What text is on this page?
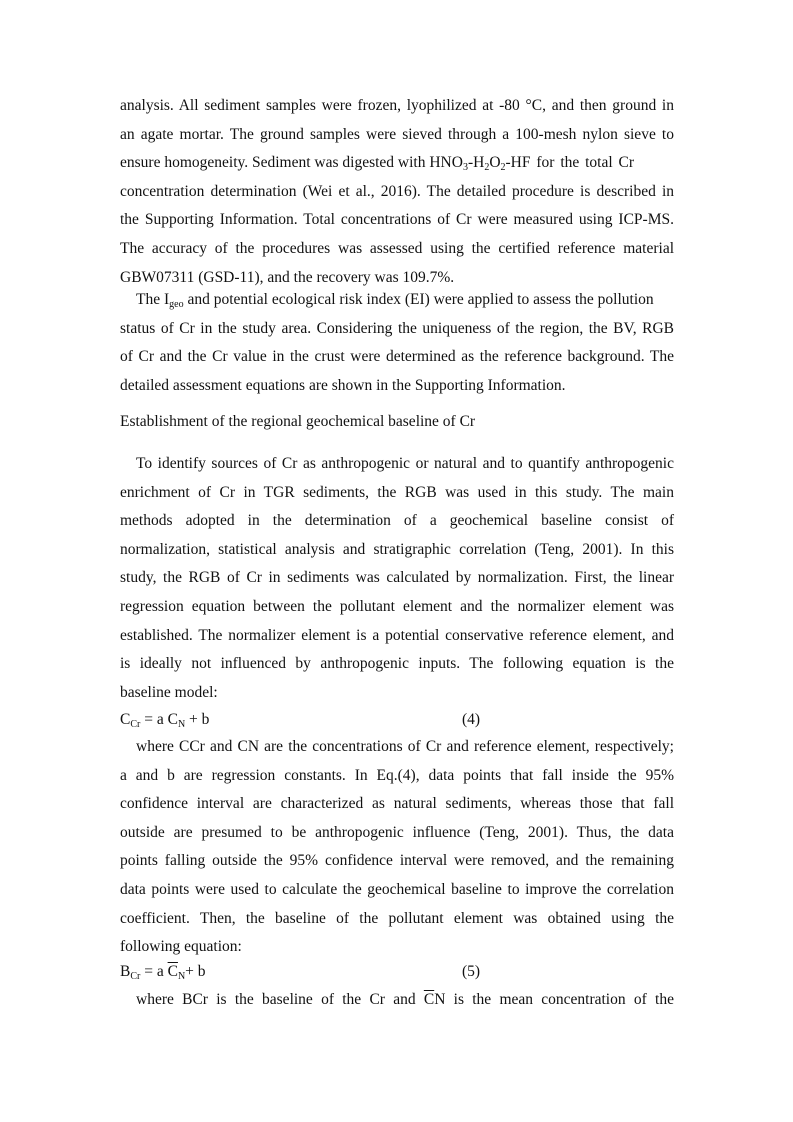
analysis. All sediment samples were frozen, lyophilized at -80 °C, and then ground in
an agate mortar. The ground samples were sieved through a 100-mesh nylon sieve to
ensure homogeneity. Sediment was digested with $HNO_3-H_2O_2-HF$ for the total Cr
concentration determination (Wei et al., 2016). The detailed procedure is described in
the Supporting Information. Total concentrations of Cr were measured using ICP-MS.
The accuracy of the procedures was assessed using the certified reference material
GBW07311 (GSD-11), and the recovery was 109.7%.
The $I_{geo}$ and potential ecological risk index (EI) were applied to assess the pollution
status of Cr in the study area. Considering the uniqueness of the region, the BV, RGB
of Cr and the Cr value in the crust were determined as the reference background. The
detailed assessment equations are shown in the Supporting Information.
Establishment of the regional geochemical baseline of Cr
To identify sources of Cr as anthropogenic or natural and to quantify anthropogenic
enrichment of Cr in TGR sediments, the RGB was used in this study. The main
methods adopted in the determination of a geochemical baseline consist of
normalization, statistical analysis and stratigraphic correlation (Teng, 2001). In this
study, the RGB of Cr in sediments was calculated by normalization. First, the linear
regression equation between the pollutant element and the normalizer element was
established. The normalizer element is a potential conservative reference element, and
is ideally not influenced by anthropogenic inputs. The following equation is the
baseline model:
$C_{Cr} = a$ $C_N + b$	(4)
where CCr and CN are the concentrations of Cr and reference element, respectively;
a and b are regression constants. In Eq.(4), data points that fall inside the 95%
confidence interval are characterized as natural sediments, whereas those that fall
outside are presumed to be anthropogenic influence (Teng, 2001). Thus, the data
points falling outside the 95% confidence interval were removed, and the remaining
data points were used to calculate the geochemical baseline to improve the correlation
coefficient. Then, the baseline of the pollutant element was obtained using the
following equation:
$B_{Cr} = a$ $\overline{C}_N+ b$	(5)
where BCr is the baseline of the Cr and $\overline{C}N$ is the mean concentration of the
